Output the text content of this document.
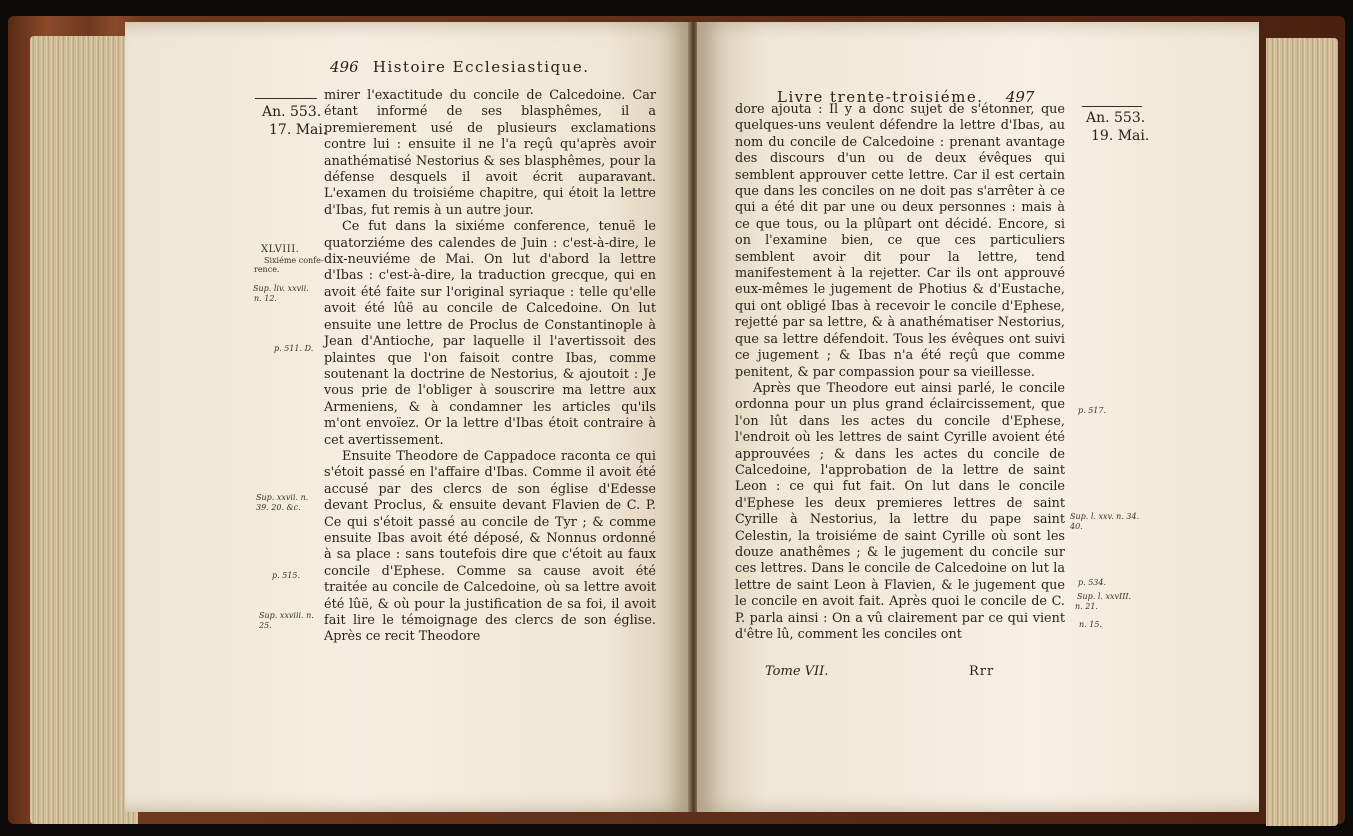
496 Histoire Ecclesiastique.
An. 553.
17. Mai.
XLVIII.
Sixiéme confe-
rence.
Sup. liv. xxvii.
n. 12.
p. 511. D.
Sup. xxvii. n.
39. 20. &c.
p. 515.
Sup. xxviii. n.
25.

mirer l'exactitude du concile de Calcedoine. Car étant informé de ses blasphêmes, il a premierement usé de plusieurs exclamations contre lui : ensuite il ne l'a reçû qu'après avoir anathématisé Nestorius & ses blasphêmes, pour la défense desquels il avoit écrit auparavant. L'examen du troisiéme chapitre, qui étoit la lettre d'Ibas, fut remis à un autre jour.

Ce fut dans la sixiéme conference, tenuë le quatorziéme des calendes de Juin : c'est-à-dire, le dix-neuviéme de Mai. On lut d'abord la lettre d'Ibas : c'est-à-dire, la traduction grecque, qui en avoit été faite sur l'original syriaque : telle qu'elle avoit été lûë au concile de Calcedoine. On lut ensuite une lettre de Proclus de Constantinople à Jean d'Antioche, par laquelle il l'avertissoit des plaintes que l'on faisoit contre Ibas, comme soutenant la doctrine de Nestorius, & ajoutoit : Je vous prie de l'obliger à souscrire ma lettre aux Armeniens, & à condamner les articles qu'ils m'ont envoïez. Or la lettre d'Ibas étoit contraire à cet avertissement.

Ensuite Theodore de Cappadoce raconta ce qui s'étoit passé en l'affaire d'Ibas. Comme il avoit été accusé par des clercs de son église d'Edesse devant Proclus, & ensuite devant Flavien de C. P. Ce qui s'étoit passé au concile de Tyr ; & comme ensuite Ibas avoit été déposé, & Nonnus ordonné à sa place : sans toutefois dire que c'étoit au faux concile d'Ephese. Comme sa cause avoit été traitée au concile de Calcedoine, où sa lettre avoit été lûë, & où pour la justification de sa foi, il avoit fait lire le témoignage des clercs de son église. Après ce recit Theodore

Livre trente-troisiéme. 497
An. 553.
19. Mai.
p. 517.
Sup. l. xxv. n. 34.
40.
p. 534.
Sup. l. xxvIII.
n. 21.
n. 15.

dore ajouta : Il y a donc sujet de s'étonner, que quelques-uns veulent défendre la lettre d'Ibas, au nom du concile de Calcedoine : prenant avantage des discours d'un ou de deux évêques qui semblent approuver cette lettre. Car il est certain que dans les conciles on ne doit pas s'arrêter à ce qui a été dit par une ou deux personnes : mais à ce que tous, ou la plûpart ont décidé. Encore, si on l'examine bien, ce que ces particuliers semblent avoir dit pour la lettre, tend manifestement à la rejetter. Car ils ont approuvé eux-mêmes le jugement de Photius & d'Eustache, qui ont obligé Ibas à recevoir le concile d'Ephese, rejetté par sa lettre, & à anathématiser Nestorius, que sa lettre défendoit. Tous les évêques ont suivi ce jugement ; & Ibas n'a été reçû que comme penitent, & par compassion pour sa vieillesse.

Après que Theodore eut ainsi parlé, le concile ordonna pour un plus grand éclaircissement, que l'on lût dans les actes du concile d'Ephese, l'endroit où les lettres de saint Cyrille avoient été approuvées ; & dans les actes du concile de Calcedoine, l'approbation de la lettre de saint Leon : ce qui fut fait. On lut dans le concile d'Ephese les deux premieres lettres de saint Cyrille à Nestorius, la lettre du pape saint Celestin, la troisiéme de saint Cyrille où sont les douze anathêmes ; & le jugement du concile sur ces lettres. Dans le concile de Calcedoine on lut la lettre de saint Leon à Flavien, & le jugement que le concile en avoit fait. Après quoi le concile de C. P. parla ainsi : On a vû clairement par ce qui vient d'être lû, comment les conciles ont

Tome VII.	Rrr
